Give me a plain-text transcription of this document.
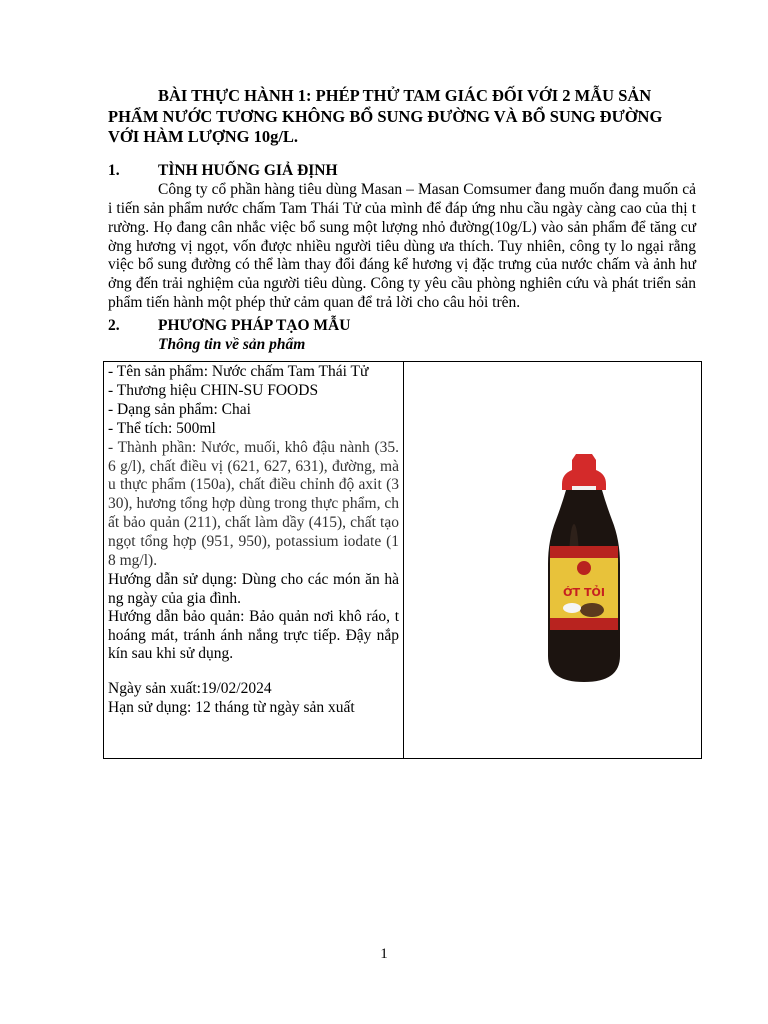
BÀI THỰC HÀNH 1: PHÉP THỬ TAM GIÁC ĐỐI VỚI 2 MẪU SẢN PHẨM NƯỚC TƯƠNG KHÔNG BỔ SUNG ĐƯỜNG VÀ BỔ SUNG ĐƯỜNG VỚI HÀM LƯỢNG 10g/L.
1.	TÌNH HUỐNG GIẢ ĐỊNH

Công ty cổ phần hàng tiêu dùng Masan – Masan Comsumer đang muốn đang muốn cải tiến sản phẩm nước chấm Tam Thái Tử của mình để đáp ứng nhu cầu ngày càng cao của thị trường. Họ đang cân nhắc việc bổ sung một lượng nhỏ đường(10g/L) vào sản phẩm để tăng cường hương vị ngọt, vốn được nhiều người tiêu dùng ưa thích. Tuy nhiên, công ty lo ngại rằng việc bổ sung đường có thể làm thay đổi đáng kể hương vị đặc trưng của nước chấm và ảnh hưởng đến trải nghiệm của người tiêu dùng. Công ty yêu cầu phòng nghiên cứu và phát triển sản phẩm tiến hành một phép thử cảm quan để trả lời cho câu hỏi trên.

2.	PHƯƠNG PHÁP TẠO MẪU
Thông tin về sản phẩm

- Tên sản phẩm: Nước chấm Tam Thái Tử

- Thương hiệu CHIN-SU FOODS

- Dạng sản phẩm: Chai

- Thể tích: 500ml

- Thành phần: Nước, muối, khô đậu nành (35.6 g/l), chất điều vị (621, 627, 631), đường, màu thực phẩm (150a), chất điều chỉnh độ axit (330), hương tổng hợp dùng trong thực phẩm, chất bảo quản (211), chất làm dầy (415), chất tạo ngọt tổng hợp (951, 950), potassium iodate (18 mg/l).

Hướng dẫn sử dụng: Dùng cho các món ăn hàng ngày của gia đình.

Hướng dẫn bảo quản: Bảo quản nơi khô ráo, thoáng mát, tránh ánh nắng trực tiếp. Đậy nắp kín sau khi sử dụng.

Ngày sản xuất:19/02/2024

Hạn sử dụng: 12 tháng từ ngày sản xuất

ỚT TỎI
1
